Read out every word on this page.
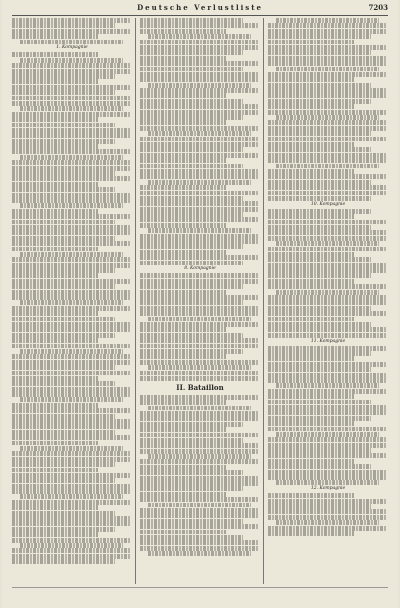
Deutsche Verlustliste	7203
1. Kompagnie
8. Kompagnie
II. Bataillon
10. Kompagnie
11. Kompagnie
12. Kompagnie
